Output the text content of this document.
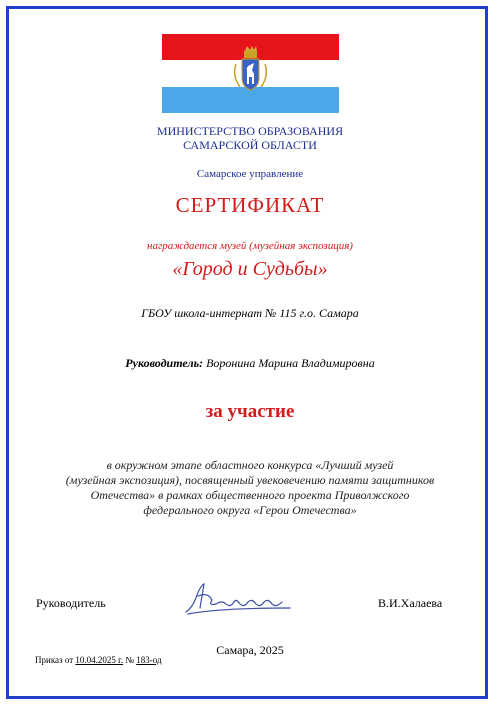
МИНИСТЕРСТВО ОБРАЗОВАНИЯ
САМАРСКОЙ ОБЛАСТИ
Самарское управление
СЕРТИФИКАТ
награждается музей (музейная экспозиция)
«Город и Судьбы»
ГБОУ школа-интернат № 115 г.о. Самара
Руководитель: Воронина Марина Владимировна
за участие
в окружном этапе областного конкурса «Лучший музей
(музейная экспозиция), посвященный увековечению памяти защитников
Отечества» в рамках общественного проекта Приволжского
федерального округа «Герои Отечества»
Руководитель	В.И.Халаева
Самара, 2025
Приказ от 10.04.2025 г. № 183-од
